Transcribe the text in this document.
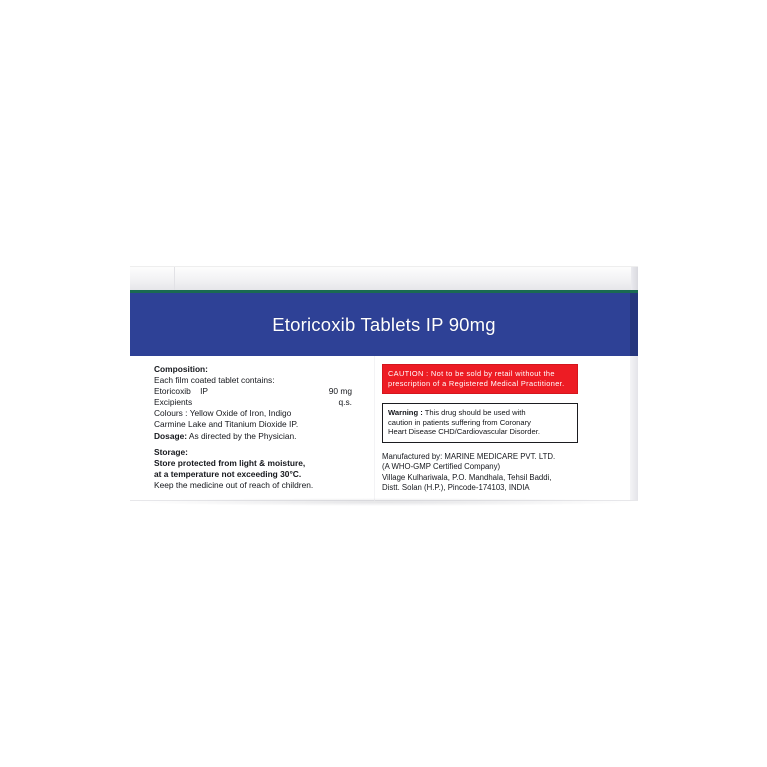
Etoricoxib Tablets IP 90mg
Composition:
Each film coated tablet contains:
Etoricoxib    IP	90 mg
Excipients	q.s.
Colours : Yellow Oxide of Iron, Indigo
Carmine Lake and Titanium Dioxide IP.
Dosage: As directed by the Physician.
Storage:
Store protected from light & moisture,
at a temperature not exceeding 30°C.
Keep the medicine out of reach of children.
CAUTION : Not to be sold by retail without the
prescription of a Registered Medical Practitioner.
Warning : This drug should be used with
caution in patients suffering from Coronary
Heart Disease CHD/Cardiovascular Disorder.
Manufactured by: MARINE MEDICARE PVT. LTD.
(A WHO-GMP Certified Company)
Village Kulhariwala, P.O. Mandhala, Tehsil Baddi,
Distt. Solan (H.P.), Pincode-174103, INDIA
